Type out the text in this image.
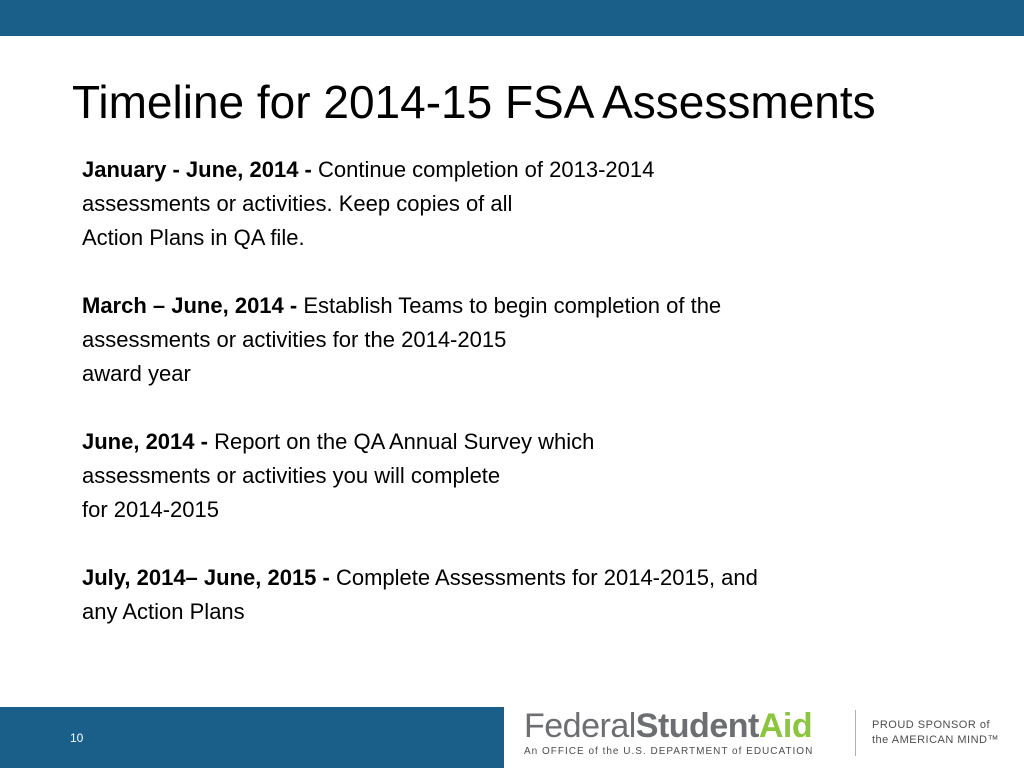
Timeline for 2014-15 FSA Assessments
January - June, 2014 - Continue completion of 2013-2014
assessments or activities. Keep copies of all
Action Plans in QA file.
March – June, 2014 - Establish Teams to begin completion of the
assessments or activities for the 2014-2015
award year
June, 2014 - Report on the QA Annual Survey which
assessments or activities you will complete
for 2014-2015
July, 2014– June, 2015 - Complete Assessments for 2014-2015, and
any Action Plans
10	FederalStudentAid
An OFFICE of the U.S. DEPARTMENT of EDUCATION
PROUD SPONSOR of
the AMERICAN MIND™
